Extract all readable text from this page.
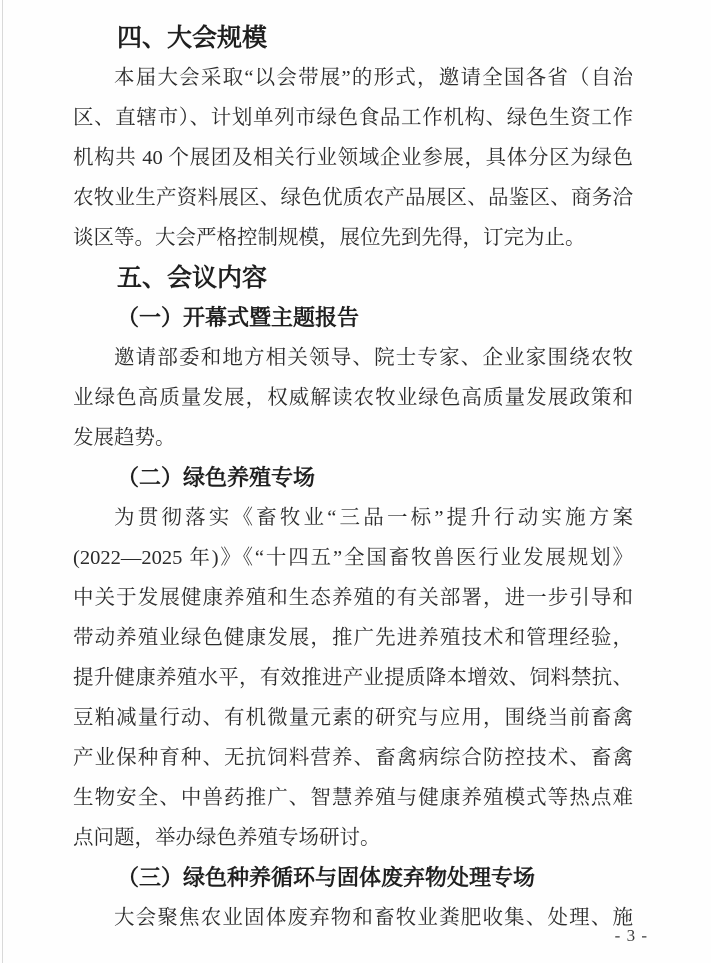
四、大会规模
本届大会采取“以会带展”的形式，邀请全国各省（自治
区、直辖市）、计划单列市绿色食品工作机构、绿色生资工作
机构共 40 个展团及相关行业领域企业参展，具体分区为绿色
农牧业生产资料展区、绿色优质农产品展区、品鉴区、商务洽
谈区等。大会严格控制规模，展位先到先得，订完为止。
五、会议内容
（一）开幕式暨主题报告
邀请部委和地方相关领导、院士专家、企业家围绕农牧
业绿色高质量发展，权威解读农牧业绿色高质量发展政策和
发展趋势。
（二）绿色养殖专场
为贯彻落实《畜牧业“三品一标”提升行动实施方案
(2022—2025 年)》《“十四五”全国畜牧兽医行业发展规划》
中关于发展健康养殖和生态养殖的有关部署，进一步引导和
带动养殖业绿色健康发展，推广先进养殖技术和管理经验，
提升健康养殖水平，有效推进产业提质降本增效、饲料禁抗、
豆粕减量行动、有机微量元素的研究与应用，围绕当前畜禽
产业保种育种、无抗饲料营养、畜禽病综合防控技术、畜禽
生物安全、中兽药推广、智慧养殖与健康养殖模式等热点难
点问题，举办绿色养殖专场研讨。
（三）绿色种养循环与固体废弃物处理专场
大会聚焦农业固体废弃物和畜牧业粪肥收集、处理、施
- 3 -
